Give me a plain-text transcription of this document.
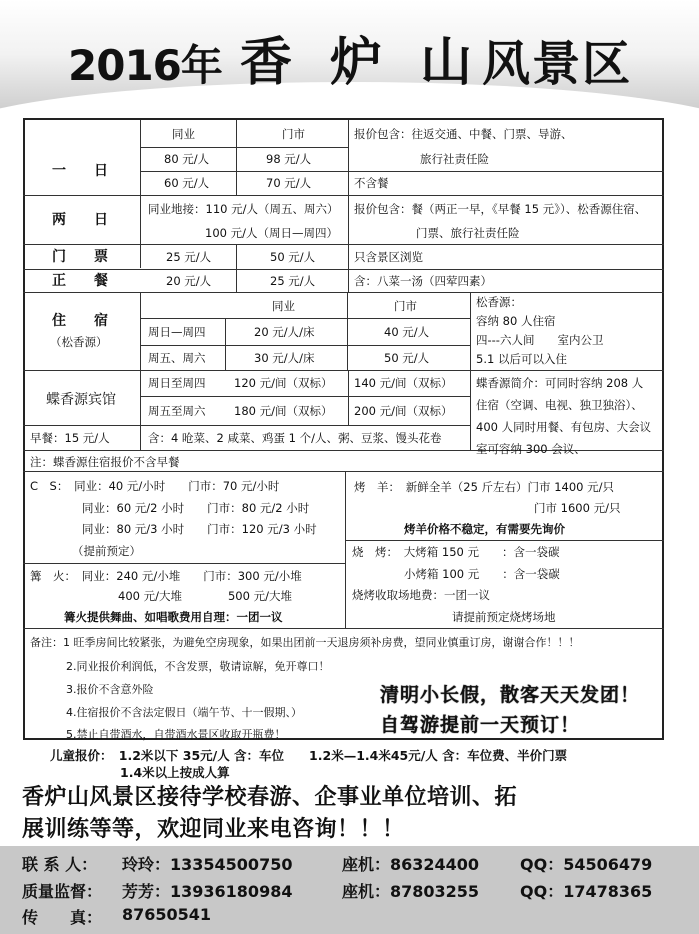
2016年 香 炉 山风景区
一　　日
同业	门市
80 元/人	98 元/人
60 元/人	70 元/人
报价包含：往返交通、中餐、门票、导游、
旅行社责任险
不含餐
两　　日
同业地接：110 元/人（周五、周六）
100 元/人（周日—周四）
报价包含：餐（两正一早，《早餐 15 元》）、松香源住宿、
门票、旅行社责任险
门　　票	25 元/人	50 元/人	只含景区浏览
正　　餐	20 元/人	25 元/人	含：八菜一汤（四荤四素）
住　　宿
（松香源）
同业	门市
周日—周四	20 元/人/床	40 元/人
周五、周六	30 元/人/床	50 元/人
松香源：
容纳 80 人住宿
四---六人间　　室内公卫
5.1 以后可以入住
蝶香源宾馆
周日至周四 120 元/间（双标） 140 元/间（双标）
周五至周六 180 元/间（双标） 200 元/间（双标）
蝶香源简介：可同时容纳 208 人
住宿（空调、电视、独卫独浴）、
400 人同时用餐、有包房、大会议
室可容纳 300 会议、
早餐：15 元/人	含：4 呛菜、2 咸菜、鸡蛋 1 个/人、粥、豆浆、馒头花卷
注：蝶香源住宿报价不含早餐
C　S：　同业：40 元/小时　　门市：70 元/小时
同业：60 元/2 小时　　门市：80 元/2 小时
同业：80 元/3 小时　　门市：120 元/3 小时
（提前预定）
篝　火：　同业：240 元/小堆　　门市：300 元/小堆
400 元/大堆　　　　500 元/大堆
篝火提供舞曲、如唱歌费用自理：一团一议
烤　羊：　新鲜全羊（25 斤左右）门市 1400 元/只
门市 1600 元/只
烤羊价格不稳定，有需要先询价
烧　烤：　大烤箱 150 元　　：含一袋碳
小烤箱 100 元　　：含一袋碳
烧烤收取场地费：一团一议
请提前预定烧烤场地
备注：1 旺季房间比较紧张，为避免空房现象，如果出团前一天退房须补房费，望同业慎重订房，谢谢合作！！！
2.同业报价利润低，不含发票，敬请谅解，免开尊口！
3.报价不含意外险
4.住宿报价不含法定假日（端午节、十一假期、）
5.禁止自带酒水，自带酒水景区收取开瓶费！
清明小长假，散客天天发团！
自驾游提前一天预订！
儿童报价：　1.2米以下 35元/人 含：车位　　1.2米—1.4米45元/人 含：车位费、半价门票
1.4米以上按成人算
香炉山风景区接待学校春游、企事业单位培训、拓
展训练等等，欢迎同业来电咨询！！！
联 系 人： 玲玲：13354500750	座机：86324400	QQ：54506479
质量监督： 芳芳：13936180984	座机：87803255	QQ：17478365
传　　真： 87650541
